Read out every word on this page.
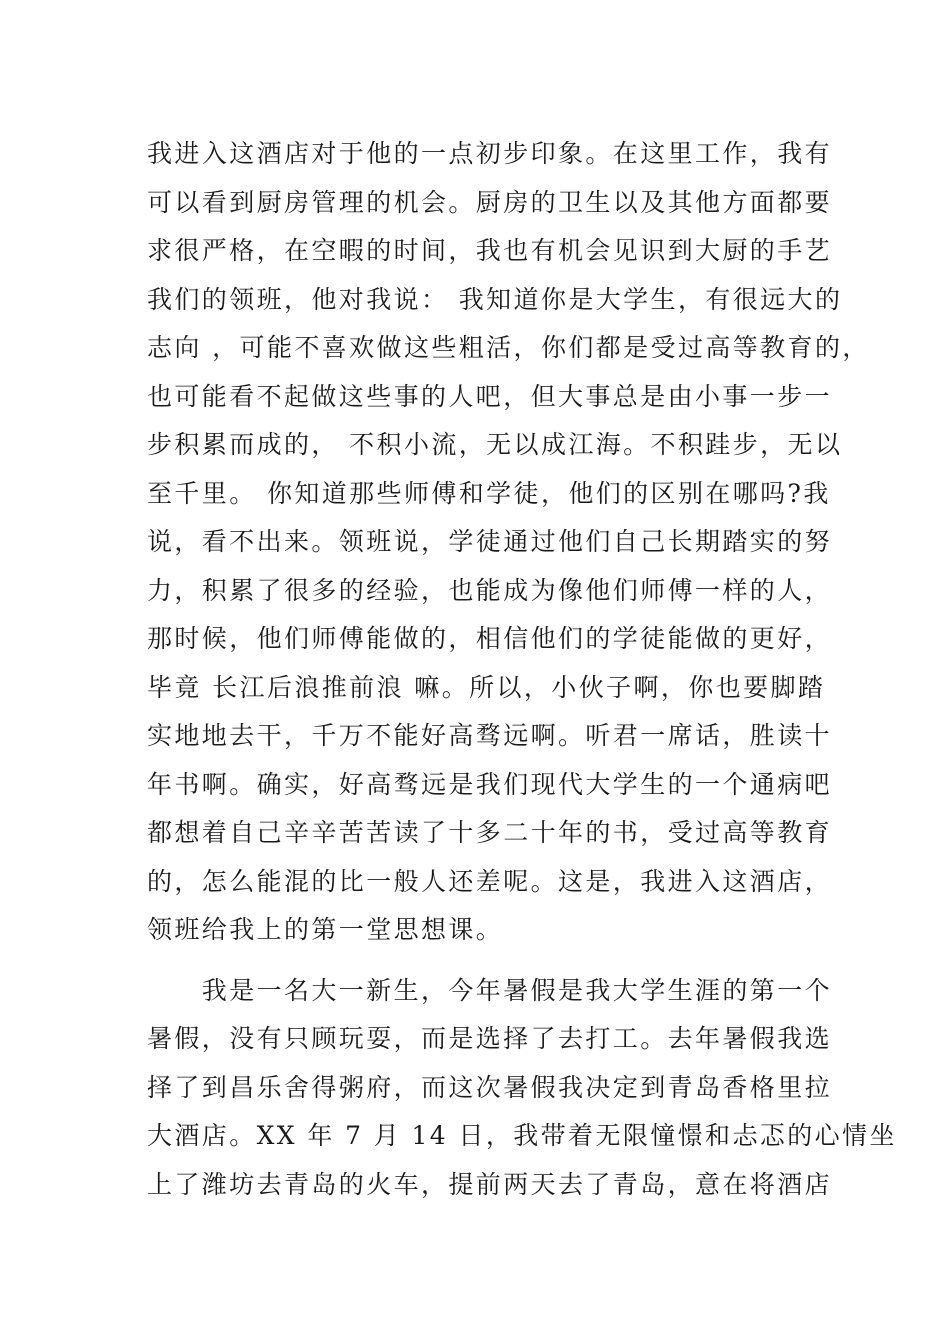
我进入这酒店对于他的一点初步印象。在这里工作，我有
可以看到厨房管理的机会。厨房的卫生以及其他方面都要
求很严格，在空暇的时间，我也有机会见识到大厨的手艺
我们的领班，他对我说： 我知道你是大学生，有很远大的
志向 ，可能不喜欢做这些粗活，你们都是受过高等教育的，
也可能看不起做这些事的人吧，但大事总是由小事一步一
步积累而成的， 不积小流，无以成江海。不积跬步，无以
至千里。 你知道那些师傅和学徒，他们的区别在哪吗?我
说，看不出来。领班说，学徒通过他们自己长期踏实的努
力，积累了很多的经验，也能成为像他们师傅一样的人，
那时候，他们师傅能做的，相信他们的学徒能做的更好，
毕竟 长江后浪推前浪 嘛。所以，小伙子啊，你也要脚踏
实地地去干，千万不能好高骛远啊。听君一席话，胜读十
年书啊。确实，好高骛远是我们现代大学生的一个通病吧
都想着自己辛辛苦苦读了十多二十年的书，受过高等教育
的，怎么能混的比一般人还差呢。这是，我进入这酒店，
领班给我上的第一堂思想课。
　　我是一名大一新生，今年暑假是我大学生涯的第一个
暑假，没有只顾玩耍，而是选择了去打工。去年暑假我选
择了到昌乐舍得粥府，而这次暑假我决定到青岛香格里拉
大酒店。XX 年 7 月 14 日，我带着无限憧憬和忐忑的心情坐
上了潍坊去青岛的火车，提前两天去了青岛，意在将酒店
